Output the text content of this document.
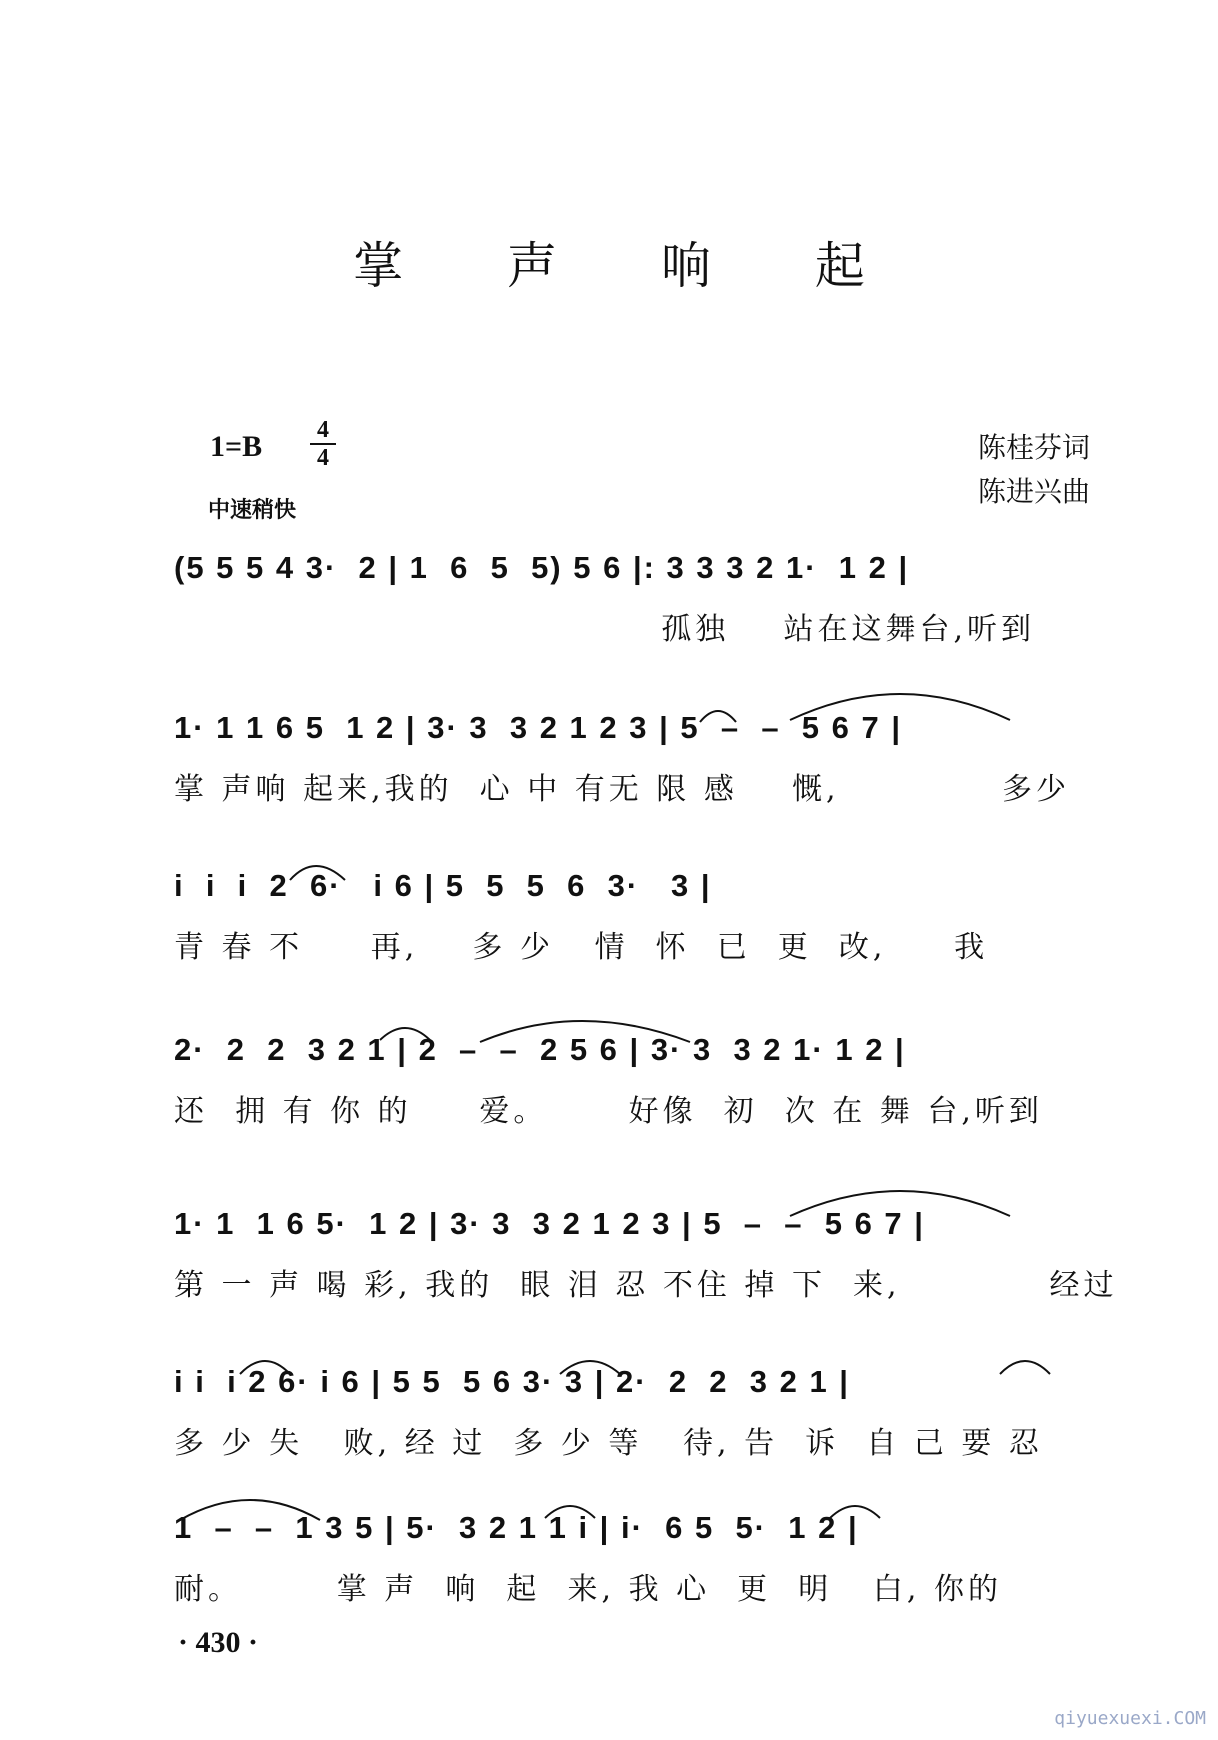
掌 声 响 起
1=B 4
4
中速稍快
陈桂芬词
陈进兴曲
(5 5 5 4 3·  2 | 1  6  5  5) 5 6 |: 3 3 3 2 1·  1 2 |
孤独    站在这舞台,听到
1· 1 1 6 5  1 2 | 3· 3  3 2 1 2 3 | 5  –  –  5 6 7 |
掌 声响 起来,我的  心 中 有无 限 感    慨,            多少
i  i  i  2  6·   i 6 | 5  5  5  6  3·   3 |
青 春 不     再,    多 少   情  怀  已  更  改,     我
2·  2  2  3 2 1 | 2  –  –  2 5 6 | 3· 3  3 2 1· 1 2 |
还  拥 有 你 的     爱。      好像  初  次 在 舞 台,听到
1· 1  1 6 5·  1 2 | 3· 3  3 2 1 2 3 | 5  –  –  5 6 7 |
第 一 声 喝 彩, 我的  眼 泪 忍 不住 掉 下  来,           经过
i i  i 2 6· i 6 | 5 5  5 6 3· 3 | 2·  2  2  3 2 1 |
多 少 失   败, 经 过  多 少 等   待, 告  诉  自 己 要 忍
1  –  –  1 3 5 | 5·  3 2 1 1 i | i·  6 5  5·  1 2 |
耐。       掌 声  响  起  来, 我 心  更  明   白, 你的
· 430 ·
qiyuexuexi.COM
